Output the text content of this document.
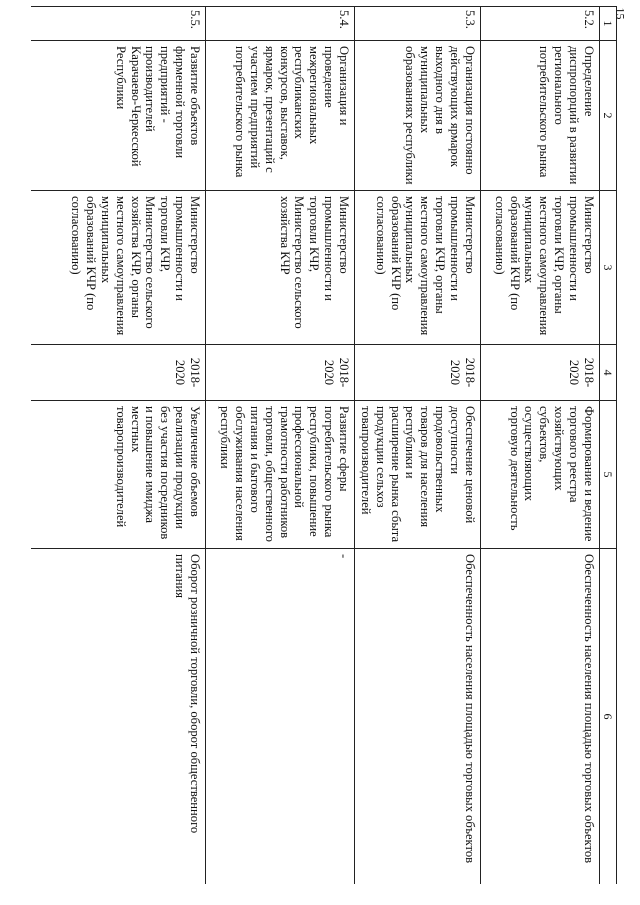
15
1	2	3	4	5	6
5.2.	Определение диспропорций в развитии регионального потребительского рынка	Министерство промышленности и торговли КЧР, органы местного самоуправления муниципальных образований КЧР (по согласованию)	2018-2020	Формирование и ведение торгового реестра хозяйствующих субъектов, осуществляющих торговую деятельность	Обеспеченность населения площадью торговых объектов
5.3.	Организация постоянно действующих ярмарок выходного дня в муниципальных образованиях республики	Министерство промышленности и торговли КЧР, органы местного самоуправления муниципальных образований КЧР (по согласованию)	2018-2020	Обеспечение ценовой доступности продовольственных товаров для населения республики и расширение рынка сбыта продукции сельхоз товапроизводителей	Обеспеченность населения площадью торговых объектов
5.4.	Организация и проведение межрегиональных республиканских конкурсов, выставок, ярмарок, презентаций с участием предприятий потребительского рынка	Министерство промышленности и торговли КЧР, Министерство сельского хозяйства КЧР	2018-2020	Развитие сферы потребительского рынка республики, повышение профессиональной грамотности работников торговли, общественного питания и бытового обслуживания населения республики	-
5.5.	Развитие объектов фирменной торговли предприятий - производителей Карачаево-Черкесской Республики	Министерство промышленности и торговли КЧР, Министерство сельского хозяйства КЧР, органы местного самоуправления муниципальных образований КЧР (по согласованию)	2018-2020	Увеличение объемов реализации продукции без участия посредников и повышение имиджа местных товаропроизводителей	Оборот розничной торговли, оборот общественного питания
